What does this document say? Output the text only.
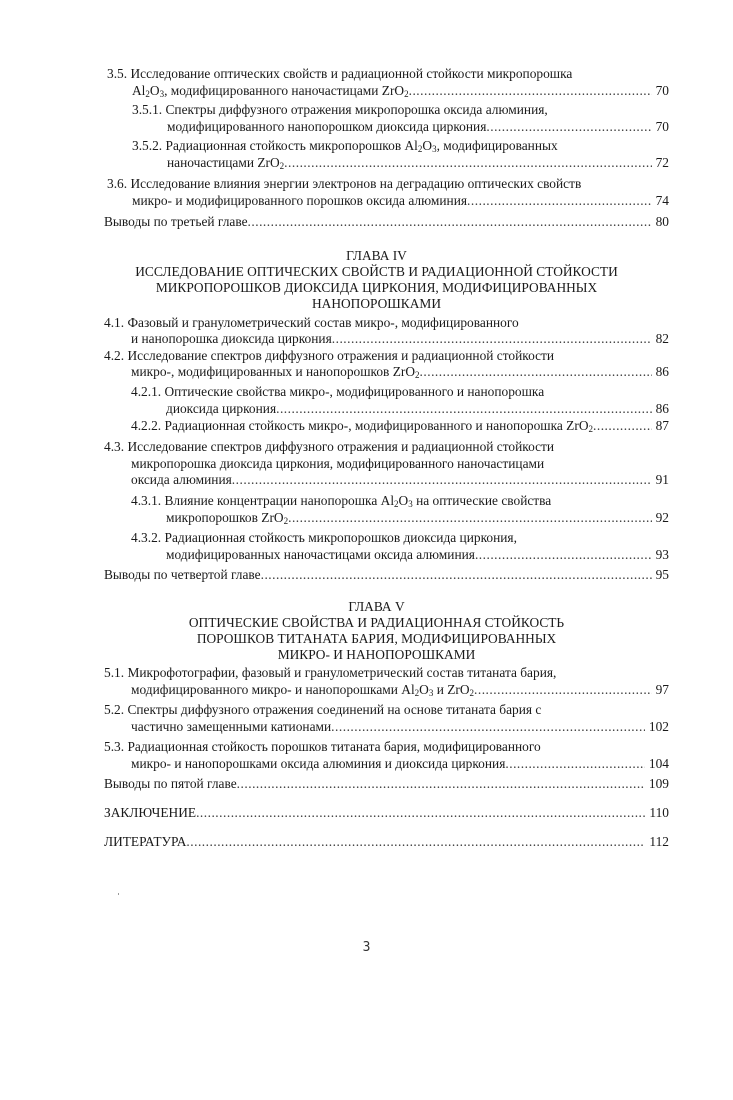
3.5. Исследование оптических свойств и радиационной стойкости микропорошка
$Al_2O_3$, модифицированного наночастицами ZrO$_2$ .....	70
3.5.1. Спектры диффузного отражения микропорошка оксида алюминия,
модифицированного нанопорошком диоксида циркония .....	70
3.5.2. Радиационная стойкость микропорошков $Al_2O_3$, модифицированных
наночастицами ZrO$_2$ .....	72
3.6. Исследование влияния энергии электронов на деградацию оптических свойств
микро- и модифицированного порошков оксида алюминия .....	74
Выводы по третьей главе .....	80
ГЛАВА IV
ИССЛЕДОВАНИЕ ОПТИЧЕСКИХ СВОЙСТВ И РАДИАЦИОННОЙ СТОЙКОСТИ
МИКРОПОРОШКОВ ДИОКСИДА ЦИРКОНИЯ, МОДИФИЦИРОВАННЫХ
НАНОПОРОШКАМИ
4.1. Фазовый и гранулометрический состав микро-, модифицированного
и нанопорошка диоксида циркония .....	82
4.2. Исследование спектров диффузного отражения и радиационной стойкости
микро-, модифицированных и нанопорошков ZrO$_2$ .....	86
4.2.1. Оптические свойства микро-, модифицированного и нанопорошка
диоксида циркония .....	86
4.2.2. Радиационная стойкость микро-, модифицированного и нанопорошка ZrO$_2$ .....	87
4.3. Исследование спектров диффузного отражения и радиационной стойкости
микропорошка диоксида циркония, модифицированного наночастицами
оксида алюминия .....	91
4.3.1. Влияние концентрации нанопорошка $Al_2O_3$ на оптические свойства
микропорошков ZrO$_2$ .....	92
4.3.2. Радиационная стойкость микропорошков диоксида циркония,
модифицированных наночастицами оксида алюминия .....	93
Выводы по четвертой главе .....	95
ГЛАВА V
ОПТИЧЕСКИЕ СВОЙСТВА И РАДИАЦИОННАЯ СТОЙКОСТЬ
ПОРОШКОВ ТИТАНАТА БАРИЯ, МОДИФИЦИРОВАННЫХ
МИКРО- И НАНОПОРОШКАМИ
5.1. Микрофотографии, фазовый и гранулометрический состав титаната бария,
модифицированного микро- и нанопорошками $Al_2O_3$ и ZrO$_2$ .....	97
5.2. Спектры диффузного отражения соединений на основе титаната бария с
частично замещенными катионами .....	102
5.3. Радиационная стойкость порошков титаната бария, модифицированного
микро- и нанопорошками оксида алюминия и диоксида циркония .....	104
Выводы по пятой главе .....	109
ЗАКЛЮЧЕНИЕ .....	110
ЛИТЕРАТУРА .....	112
3
